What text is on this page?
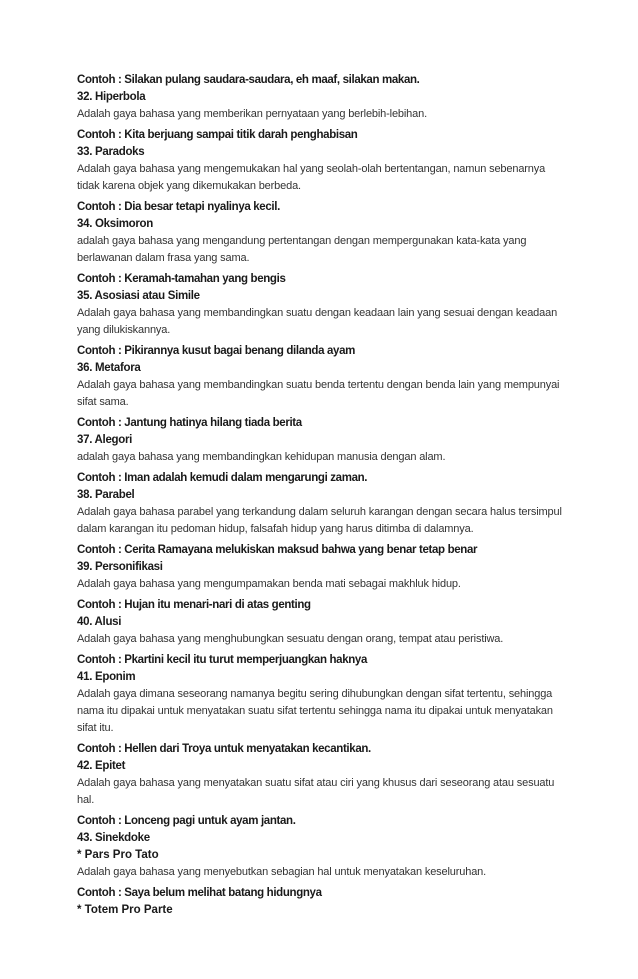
Contoh : Silakan pulang saudara-saudara, eh maaf, silakan makan.

32. Hiperbola

Adalah gaya bahasa yang memberikan pernyataan yang berlebih-lebihan.

Contoh : Kita berjuang sampai titik darah penghabisan

33. Paradoks

Adalah gaya bahasa yang mengemukakan hal yang seolah-olah bertentangan, namun sebenarnya tidak karena objek yang dikemukakan berbeda.

Contoh : Dia besar tetapi nyalinya kecil.

34. Oksimoron

adalah gaya bahasa yang mengandung pertentangan dengan mempergunakan kata-kata yang berlawanan dalam frasa yang sama.

Contoh : Keramah-tamahan yang bengis

35. Asosiasi atau Simile

Adalah gaya bahasa yang membandingkan suatu dengan keadaan lain yang sesuai dengan keadaan yang dilukiskannya.

Contoh : Pikirannya kusut bagai benang dilanda ayam

36. Metafora

Adalah gaya bahasa yang membandingkan suatu benda tertentu dengan benda lain yang mempunyai sifat sama.

Contoh : Jantung hatinya hilang tiada berita

37. Alegori

adalah gaya bahasa yang membandingkan kehidupan manusia dengan alam.

Contoh : Iman adalah kemudi dalam mengarungi zaman.

38. Parabel

Adalah gaya bahasa parabel yang terkandung dalam seluruh karangan dengan secara halus tersimpul dalam karangan itu pedoman hidup, falsafah hidup yang harus ditimba di dalamnya.

Contoh : Cerita Ramayana melukiskan maksud bahwa yang benar tetap benar

39. Personifikasi

Adalah gaya bahasa yang mengumpamakan benda mati sebagai makhluk hidup.

Contoh : Hujan itu menari-nari di atas genting

40. Alusi

Adalah gaya bahasa yang menghubungkan sesuatu dengan orang, tempat atau peristiwa.

Contoh : Pkartini kecil itu turut memperjuangkan haknya

41. Eponim

Adalah gaya dimana seseorang namanya begitu sering dihubungkan dengan sifat tertentu, sehingga nama itu dipakai untuk menyatakan suatu sifat tertentu sehingga nama itu dipakai untuk menyatakan sifat itu.

Contoh : Hellen dari Troya untuk menyatakan kecantikan.

42. Epitet

Adalah gaya bahasa yang menyatakan suatu sifat atau ciri yang khusus dari seseorang atau sesuatu hal.

Contoh : Lonceng pagi untuk ayam jantan.

43. Sinekdoke

* Pars Pro Tato

Adalah gaya bahasa yang menyebutkan sebagian hal untuk menyatakan keseluruhan.

Contoh : Saya belum melihat batang hidungnya

* Totem Pro Parte
